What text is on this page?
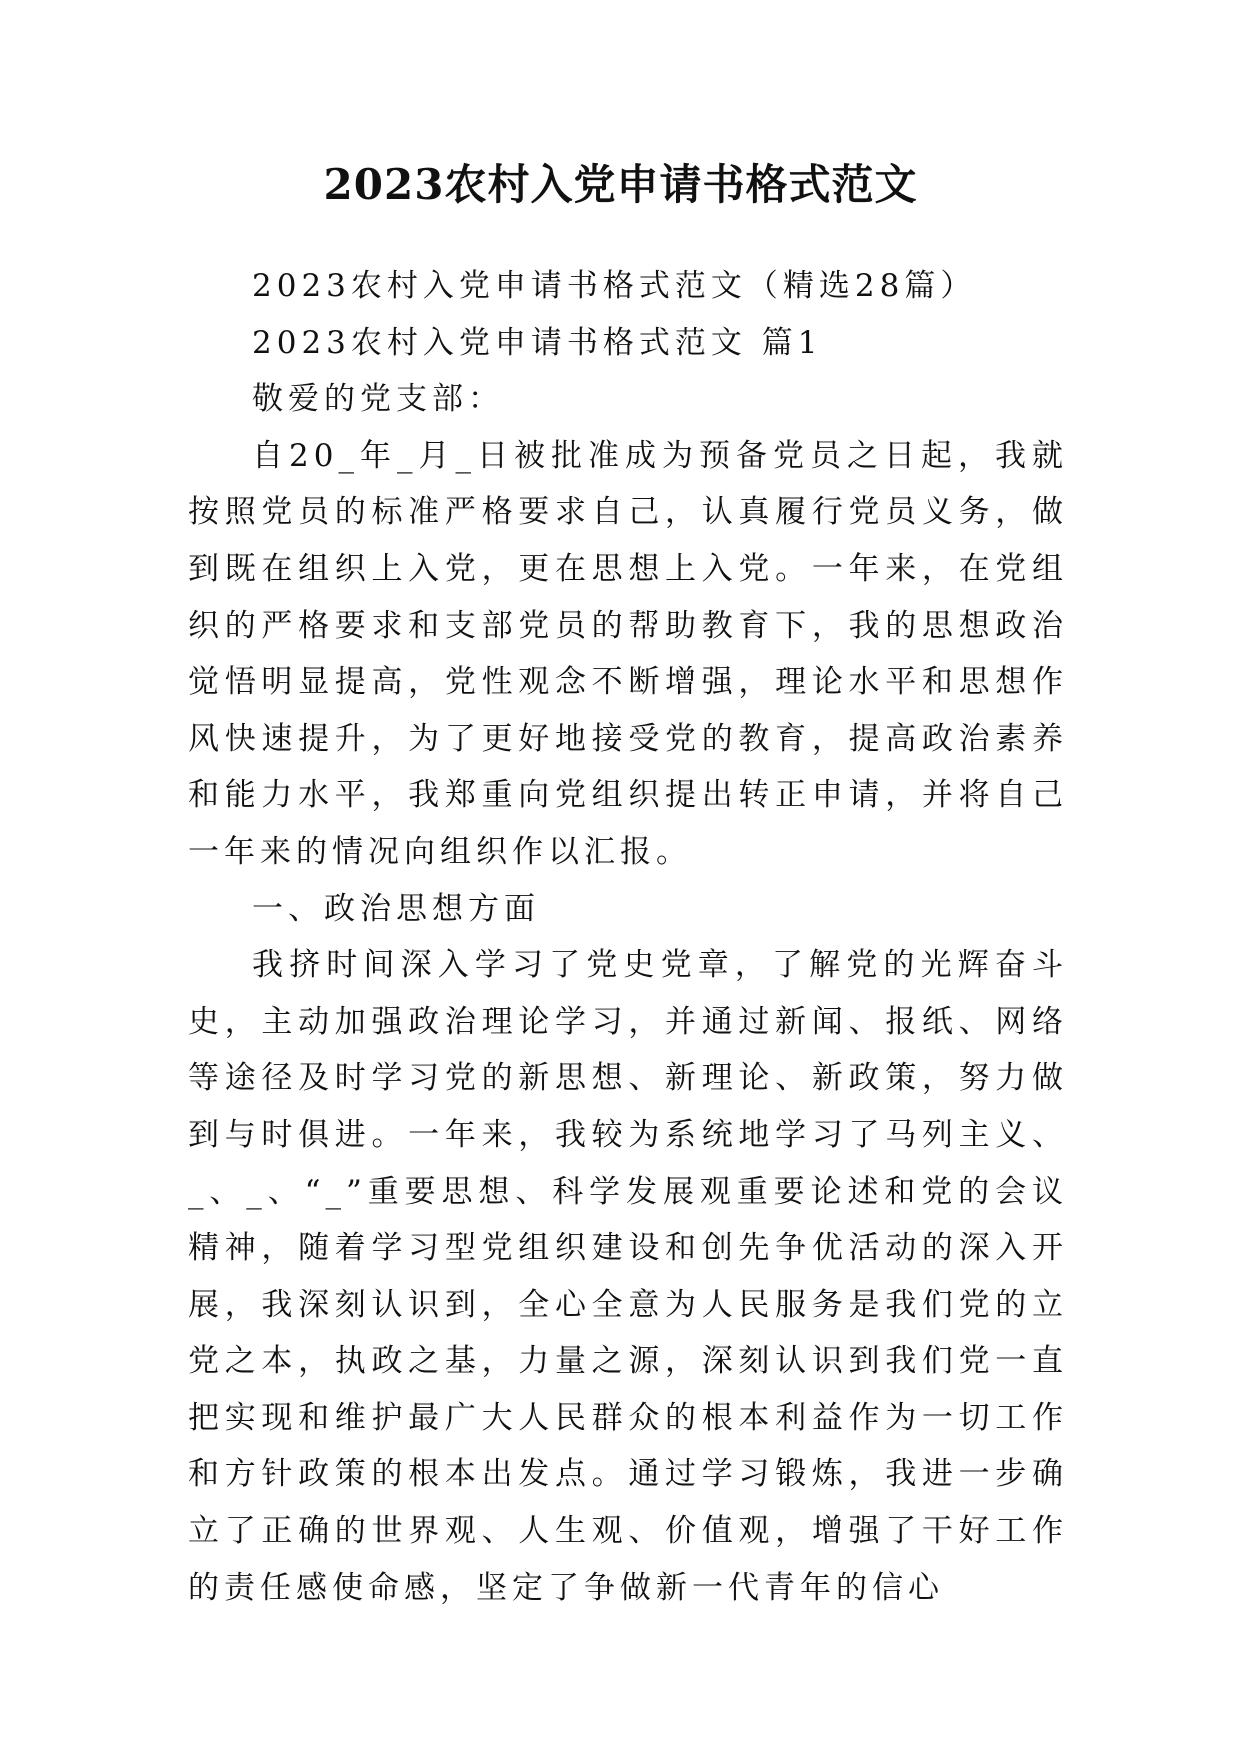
2023农村入党申请书格式范文

2023农村入党申请书格式范文（精选28篇）

2023农村入党申请书格式范文 篇1

敬爱的党支部：

自20_年_月_日被批准成为预备党员之日起，我就按照党员的标准严格要求自己，认真履行党员义务，做到既在组织上入党，更在思想上入党。一年来，在党组织的严格要求和支部党员的帮助教育下，我的思想政治觉悟明显提高，党性观念不断增强，理论水平和思想作风快速提升，为了更好地接受党的教育，提高政治素养和能力水平，我郑重向党组织提出转正申请，并将自己一年来的情况向组织作以汇报。

一、政治思想方面

我挤时间深入学习了党史党章，了解党的光辉奋斗史，主动加强政治理论学习，并通过新闻、报纸、网络等途径及时学习党的新思想、新理论、新政策，努力做到与时俱进。一年来，我较为系统地学习了马列主义、_、_、“_”重要思想、科学发展观重要论述和党的会议精神，随着学习型党组织建设和创先争优活动的深入开展，我深刻认识到，全心全意为人民服务是我们党的立党之本，执政之基，力量之源，深刻认识到我们党一直把实现和维护最广大人民群众的根本利益作为一切工作和方针政策的根本出发点。通过学习锻炼，我进一步确立了正确的世界观、人生观、价值观，增强了干好工作的责任感使命感，坚定了争做新一代青年的信心
